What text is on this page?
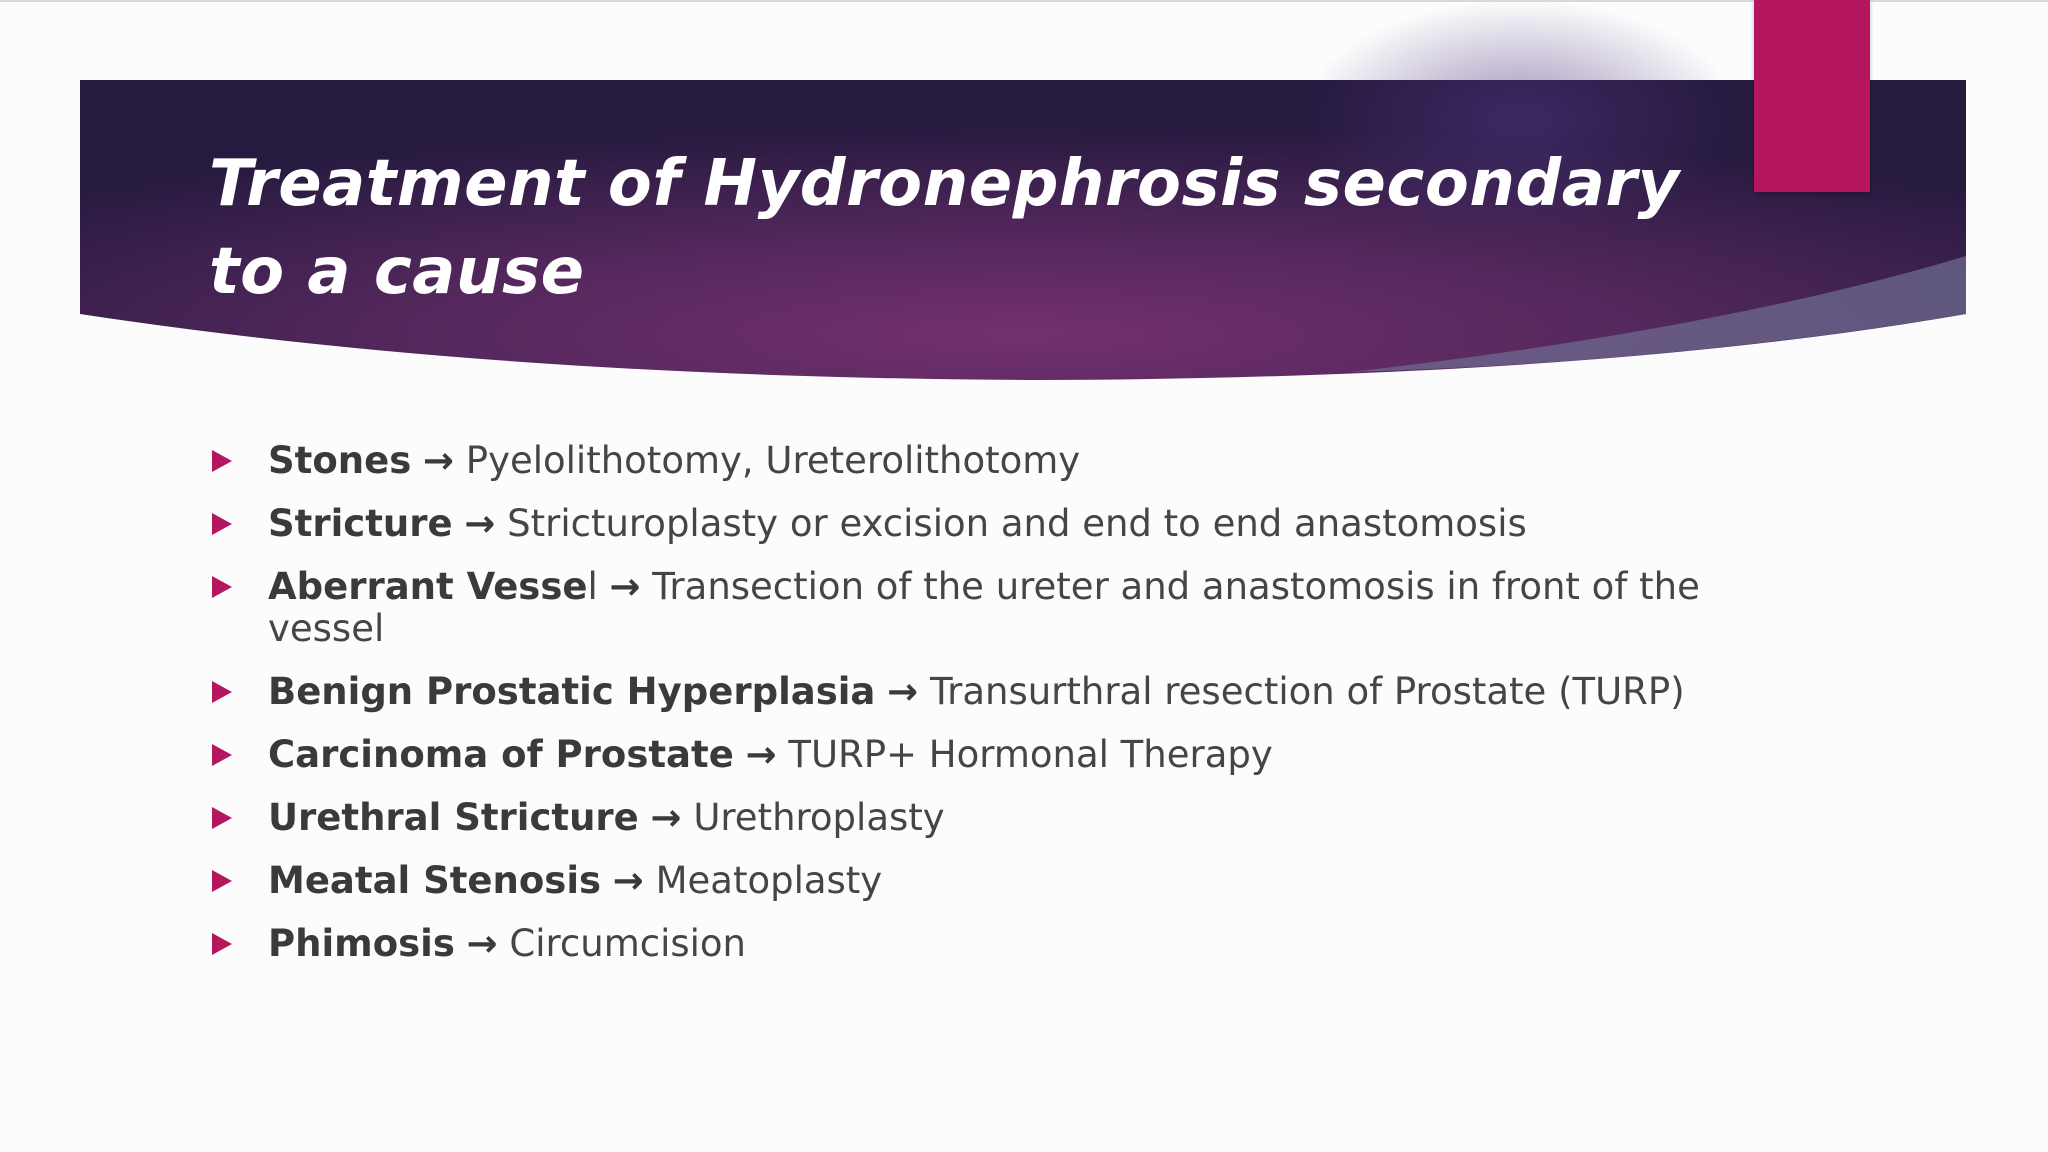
Treatment of Hydronephrosis secondary to a cause
Stones → Pyelolithotomy, Ureterolithotomy
Stricture → Stricturoplasty or excision and end to end anastomosis
Aberrant Vessel → Transection of the ureter and anastomosis in front of the vessel
Benign Prostatic Hyperplasia → Transurthral resection of Prostate (TURP)
Carcinoma of Prostate → TURP+ Hormonal Therapy
Urethral Stricture → Urethroplasty
Meatal Stenosis → Meatoplasty
Phimosis → Circumcision
